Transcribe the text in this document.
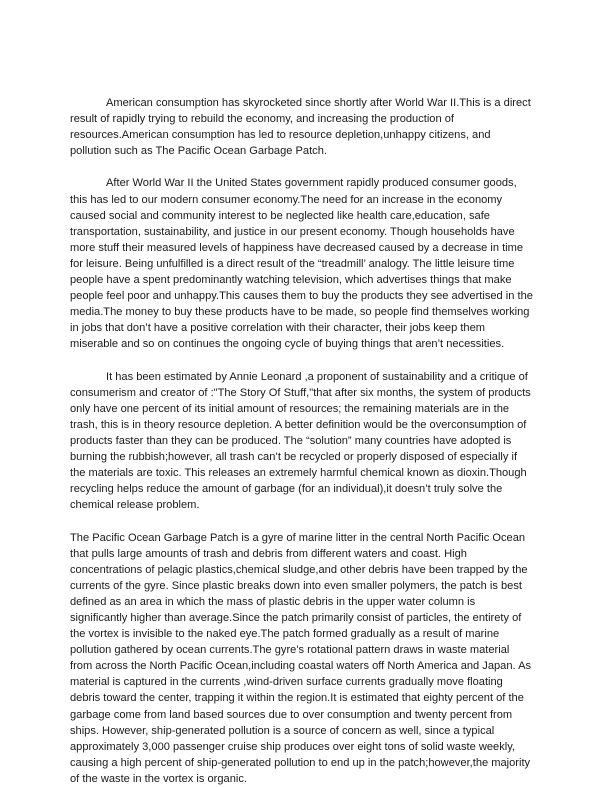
American consumption has skyrocketed since shortly after World War II.This is a direct result of rapidly trying to rebuild the economy, and increasing the production of resources.American consumption has led to resource depletion,unhappy citizens, and pollution such as The Pacific Ocean Garbage Patch.

After World War II the United States government rapidly produced consumer goods, this has led to our modern consumer economy.The need for an increase in the economy caused social and community interest to be neglected like health care,education, safe transportation, sustainability, and justice in our present economy. Though households have more stuff their measured levels of happiness have decreased caused by a decrease in time for leisure. Being unfulfilled is a direct result of the “treadmill’ analogy. The little leisure time people have a spent predominantly watching television, which advertises things that make people feel poor and unhappy.This causes them to buy the products they see advertised in the media.The money to buy these products have to be made, so people find themselves working in jobs that don’t have a positive correlation with their character, their jobs keep them miserable and so on continues the ongoing cycle of buying things that aren’t necessities.

It has been estimated by Annie Leonard ,a proponent of sustainability and a critique of consumerism and creator of :"The Story Of Stuff,"that after six months, the system of products only have one percent of its initial amount of resources; the remaining materials are in the trash, this is in theory resource depletion. A better definition would be the overconsumption of products faster than they can be produced. The “solution” many countries have adopted is burning the rubbish;however, all trash can’t be recycled or properly disposed of especially if the materials are toxic. This releases an extremely harmful chemical known as dioxin.Though recycling helps reduce the amount of garbage (for an individual),it doesn’t truly solve the chemical release problem.

The Pacific Ocean Garbage Patch is a gyre of marine litter in the central North Pacific Ocean that pulls large amounts of trash and debris from different waters and coast. High concentrations of pelagic plastics,chemical sludge,and other debris have been trapped by the currents of the gyre. Since plastic breaks down into even smaller polymers, the patch is best defined as an area in which the mass of plastic debris in the upper water column is significantly higher than average.Since the patch primarily consist of particles, the entirety of the vortex is invisible to the naked eye.The patch formed gradually as a result of marine pollution gathered by ocean currents.The gyre's rotational pattern draws in waste material from across the North Pacific Ocean,including coastal waters off North America and Japan. As material is captured in the currents ,wind-driven surface currents gradually move floating debris toward the center, trapping it within the region.It is estimated that eighty percent of the garbage come from land based sources due to over consumption and twenty percent from ships. However, ship-generated pollution is a source of concern as well, since a typical approximately 3,000 passenger cruise ship produces over eight tons of solid waste weekly, causing a high percent of ship-generated pollution to end up in the patch;however,the majority of the waste in the vortex is organic.
